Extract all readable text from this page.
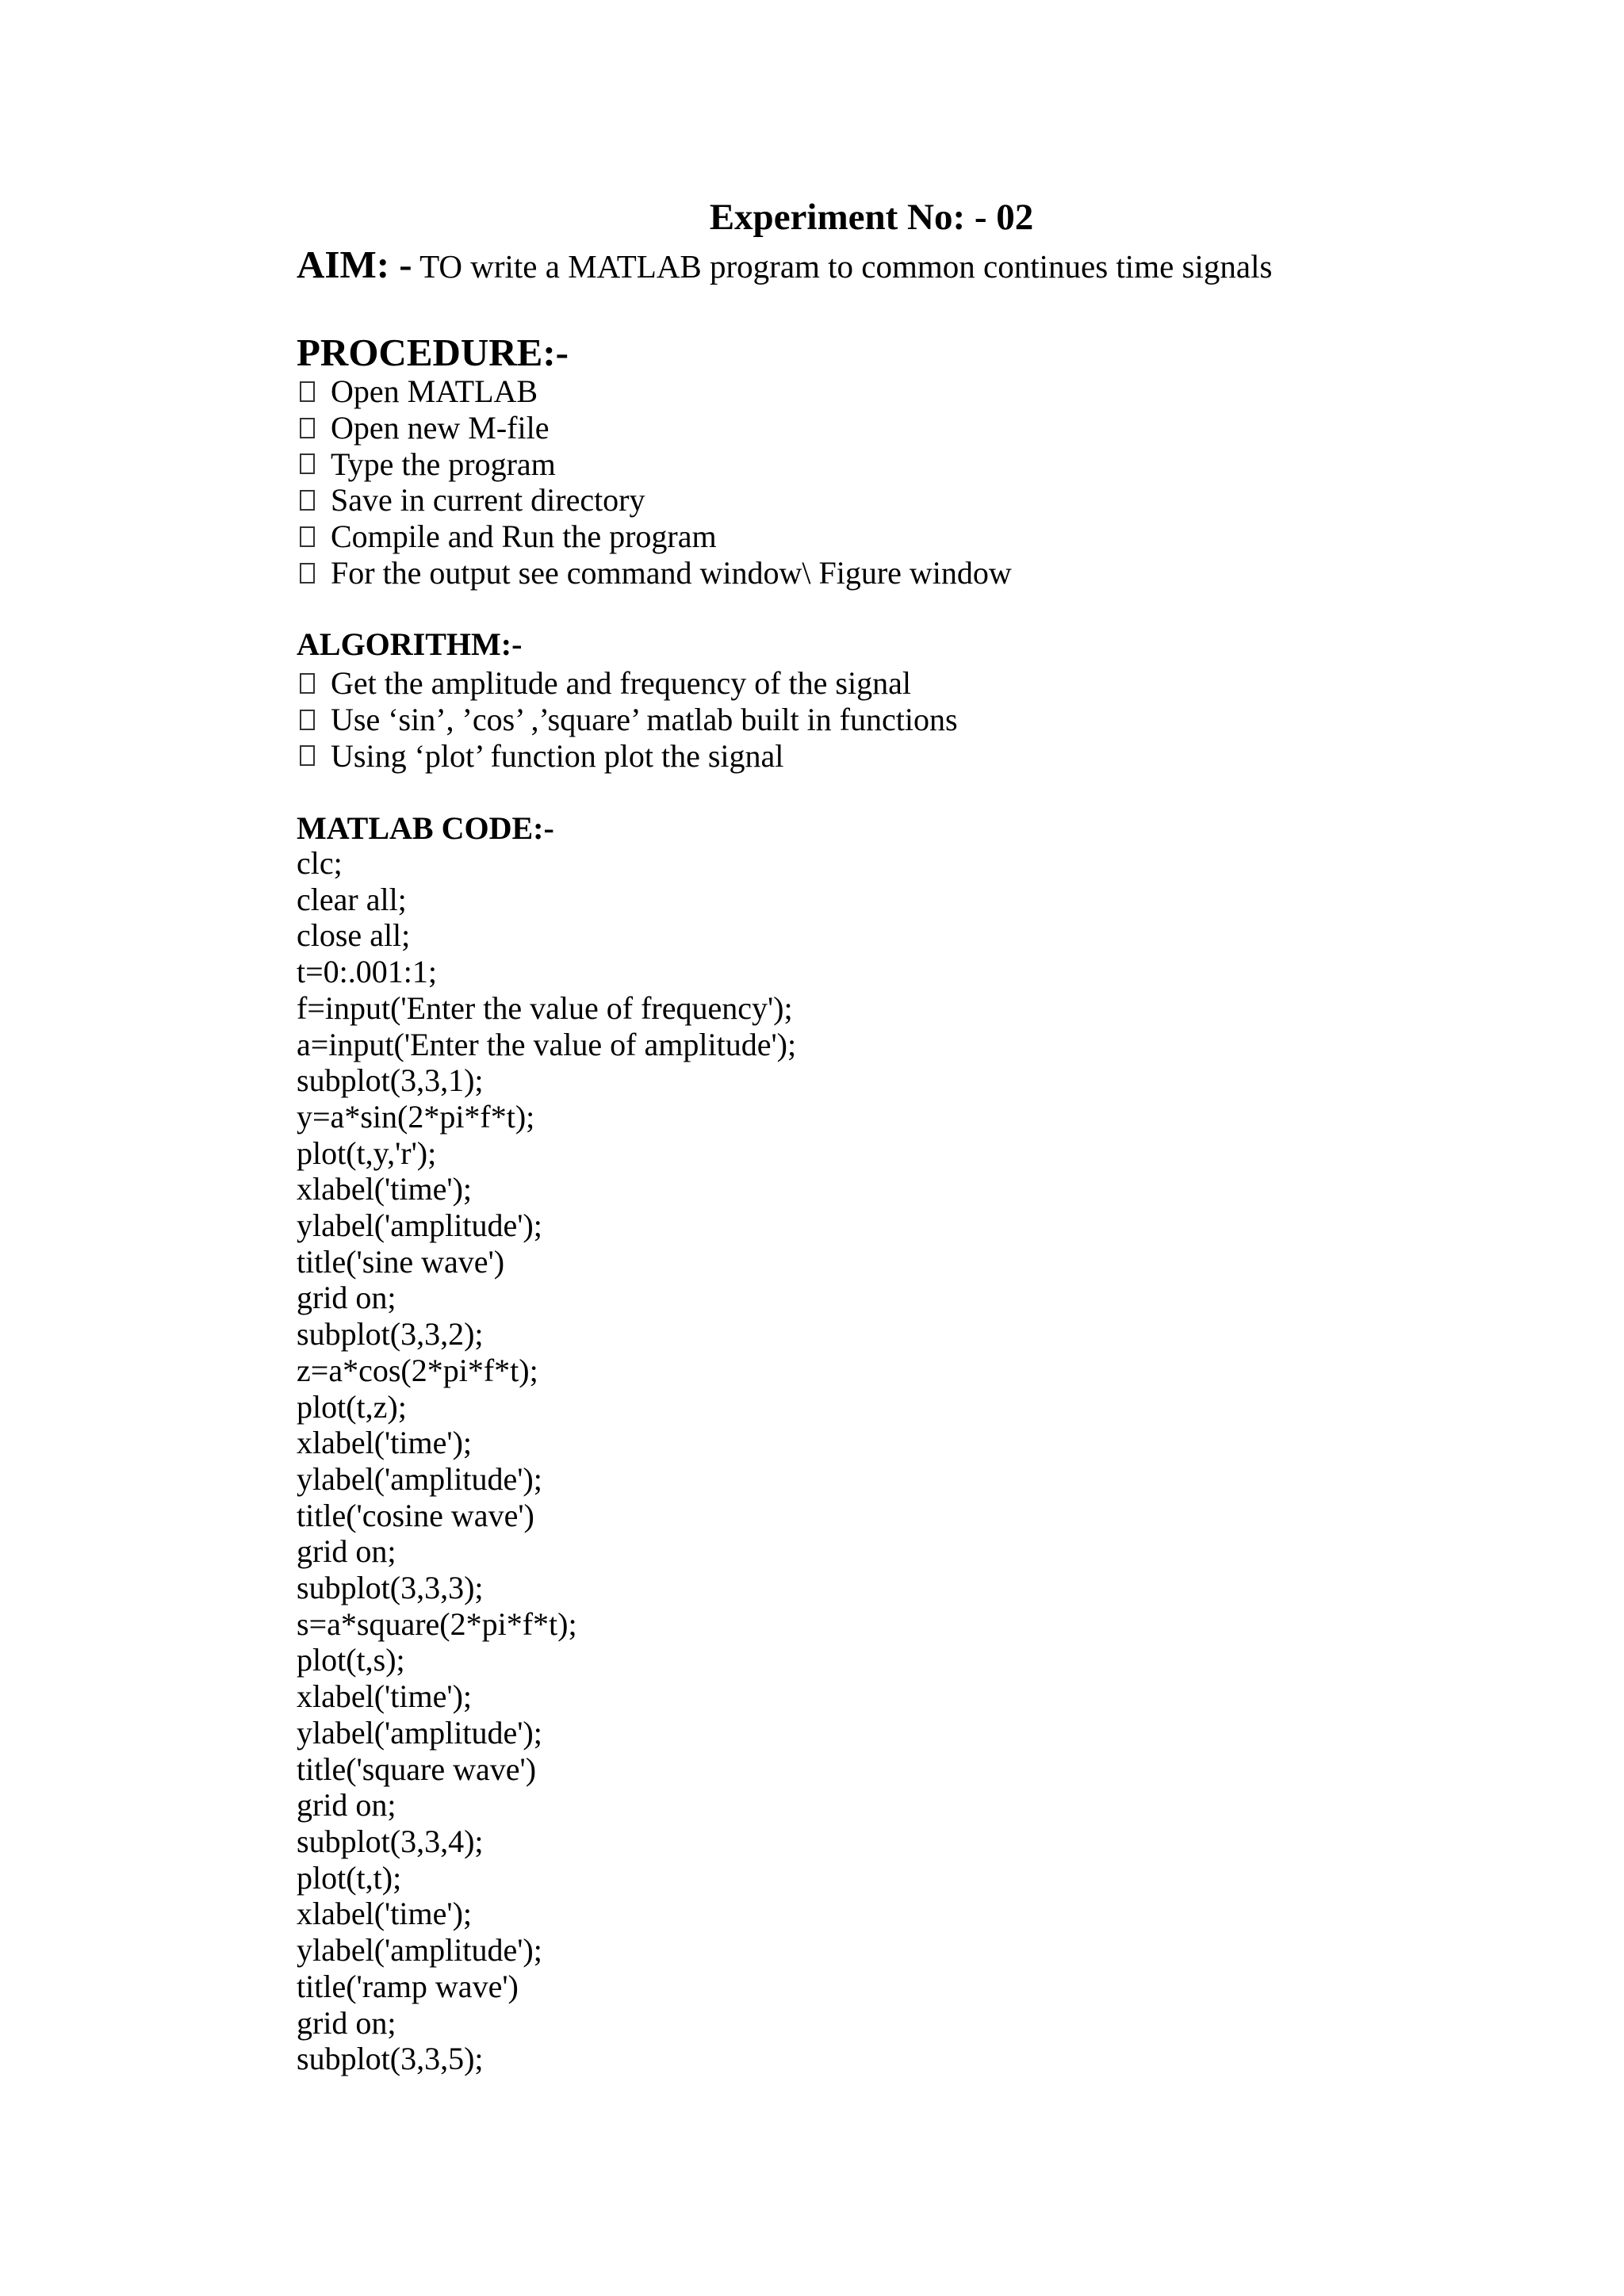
Experiment No: - 02
AIM: - TO write a MATLAB program to common continues time signals
PROCEDURE:-
Open MATLAB
Open new M-file
Type the program
Save in current directory
Compile and Run the program
For the output see command window\ Figure window
ALGORITHM:-
Get the amplitude and frequency of the signal
Use ‘sin’, ’cos’ ,’square’ matlab built in functions
Using ‘plot’ function plot the signal
MATLAB CODE:-
clc;
clear all;
close all;
t=0:.001:1;
f=input('Enter the value of frequency');
a=input('Enter the value of amplitude');
subplot(3,3,1);
y=a*sin(2*pi*f*t);
plot(t,y,'r');
xlabel('time');
ylabel('amplitude');
title('sine wave')
grid on;
subplot(3,3,2);
z=a*cos(2*pi*f*t);
plot(t,z);
xlabel('time');
ylabel('amplitude');
title('cosine wave')
grid on;
subplot(3,3,3);
s=a*square(2*pi*f*t);
plot(t,s);
xlabel('time');
ylabel('amplitude');
title('square wave')
grid on;
subplot(3,3,4);
plot(t,t);
xlabel('time');
ylabel('amplitude');
title('ramp wave')
grid on;
subplot(3,3,5);
